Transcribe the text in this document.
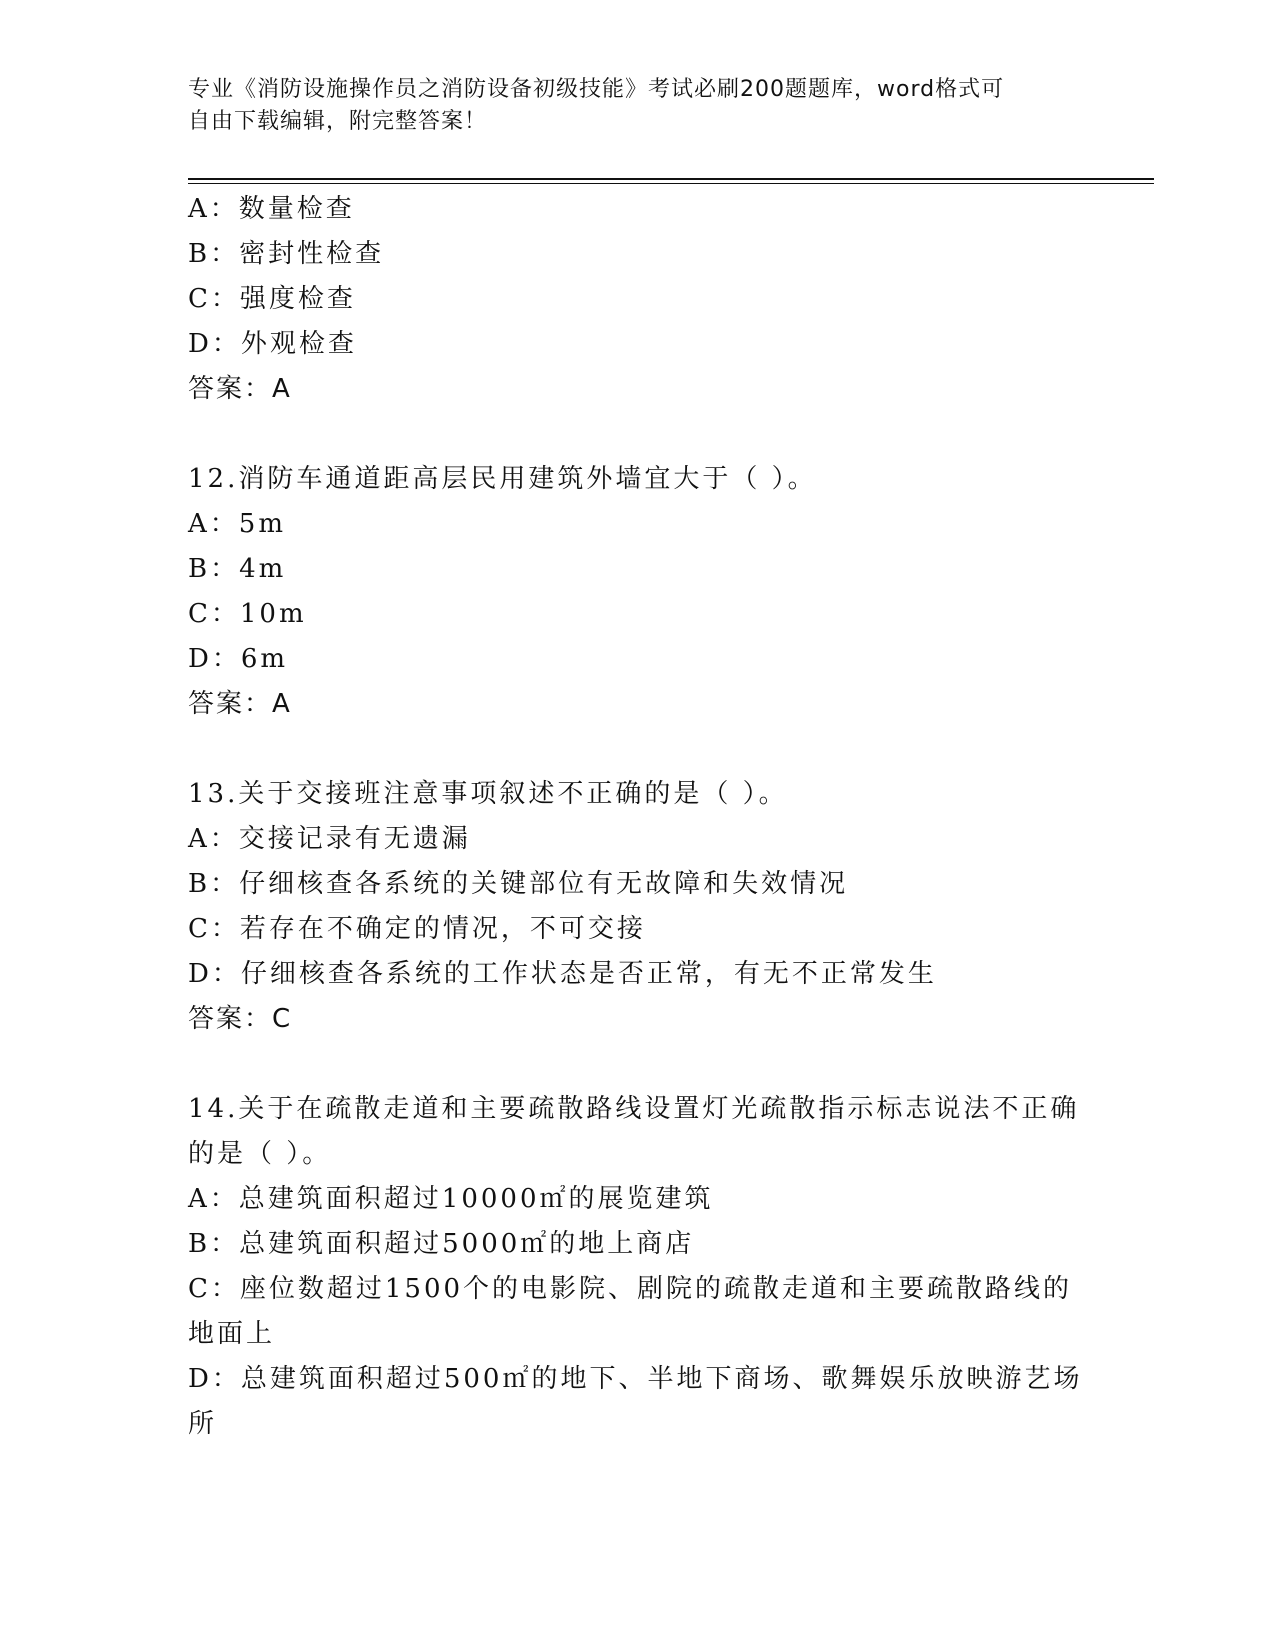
专业《消防设施操作员之消防设备初级技能》考试必刷200题题库，word格式可
自由下载编辑，附完整答案！
A：数量检查
B：密封性检查
C：强度检查
D：外观检查
答案：A
12.消防车通道距高层民用建筑外墙宜大于（ ）。
A：5m
B：4m
C：10m
D：6m
答案：A
13.关于交接班注意事项叙述不正确的是（ ）。
A：交接记录有无遗漏
B：仔细核查各系统的关键部位有无故障和失效情况
C：若存在不确定的情况，不可交接
D：仔细核查各系统的工作状态是否正常，有无不正常发生
答案：C
14.关于在疏散走道和主要疏散路线设置灯光疏散指示标志说法不正确
的是（ ）。
A：总建筑面积超过10000㎡的展览建筑
B：总建筑面积超过5000㎡的地上商店
C：座位数超过1500个的电影院、剧院的疏散走道和主要疏散路线的
地面上
D：总建筑面积超过500㎡的地下、半地下商场、歌舞娱乐放映游艺场
所
